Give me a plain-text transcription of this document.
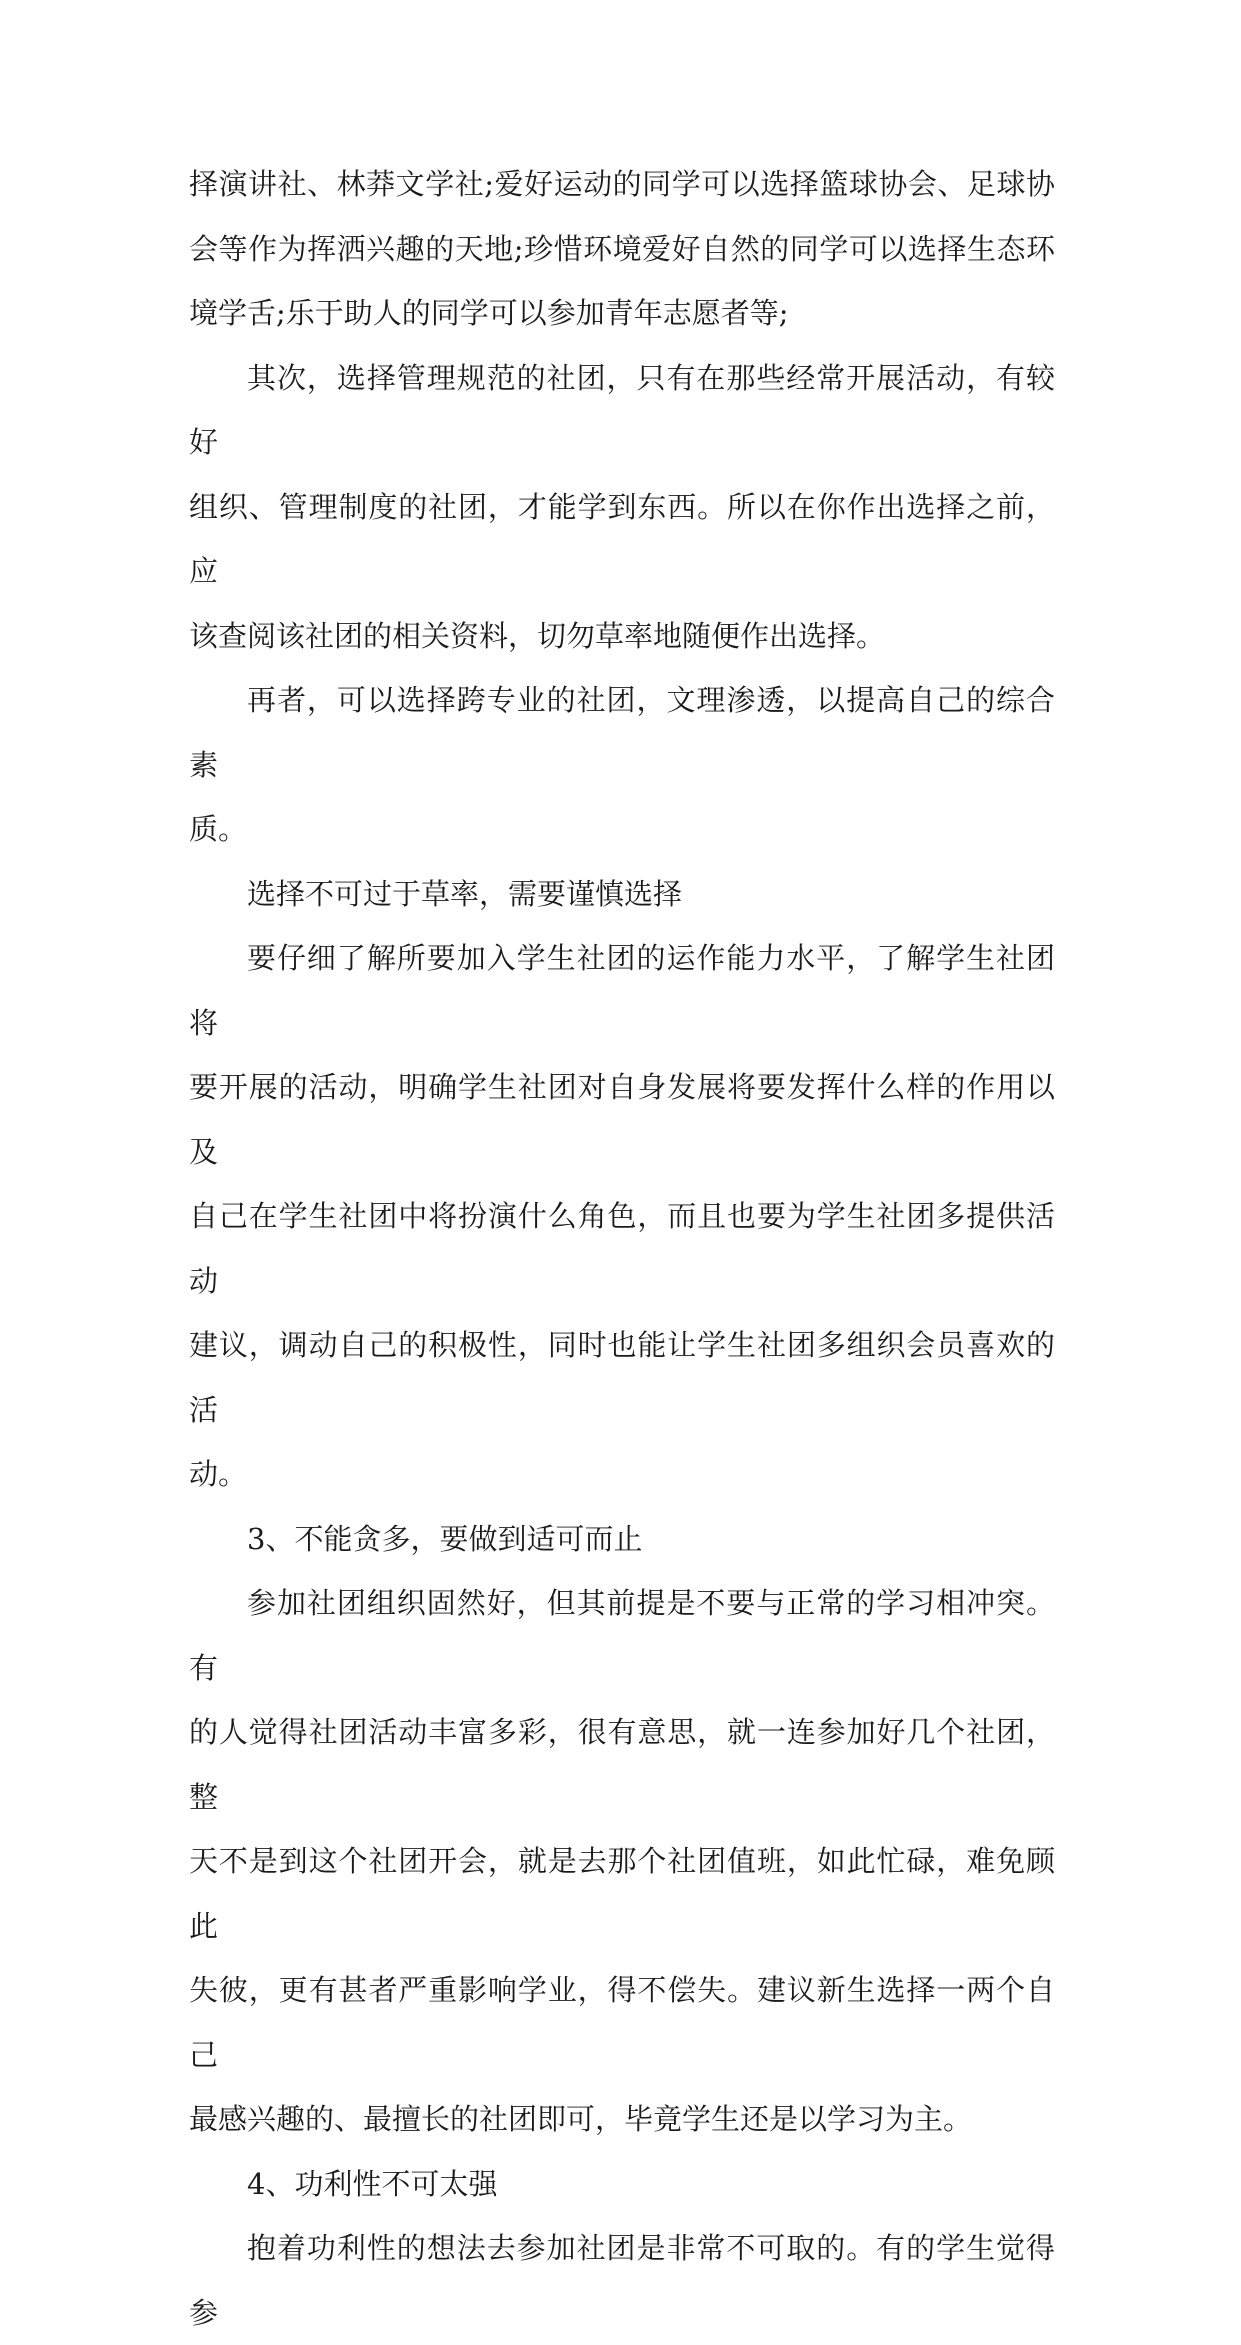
择演讲社、林莽文学社;爱好运动的同学可以选择篮球协会、足球协
会等作为挥洒兴趣的天地;珍惜环境爱好自然的同学可以选择生态环
境学舌;乐于助人的同学可以参加青年志愿者等;
其次，选择管理规范的社团，只有在那些经常开展活动，有较好
组织、管理制度的社团，才能学到东西。所以在你作出选择之前，应
该查阅该社团的相关资料，切勿草率地随便作出选择。
再者，可以选择跨专业的社团，文理渗透，以提高自己的综合素
质。
选择不可过于草率，需要谨慎选择
要仔细了解所要加入学生社团的运作能力水平，了解学生社团将
要开展的活动，明确学生社团对自身发展将要发挥什么样的作用以及
自己在学生社团中将扮演什么角色，而且也要为学生社团多提供活动
建议，调动自己的积极性，同时也能让学生社团多组织会员喜欢的活
动。
3、不能贪多，要做到适可而止
参加社团组织固然好，但其前提是不要与正常的学习相冲突。有
的人觉得社团活动丰富多彩，很有意思，就一连参加好几个社团，整
天不是到这个社团开会，就是去那个社团值班，如此忙碌，难免顾此
失彼，更有甚者严重影响学业，得不偿失。建议新生选择一两个自己
最感兴趣的、最擅长的社团即可，毕竟学生还是以学习为主。
4、功利性不可太强
抱着功利性的想法去参加社团是非常不可取的。有的学生觉得参
